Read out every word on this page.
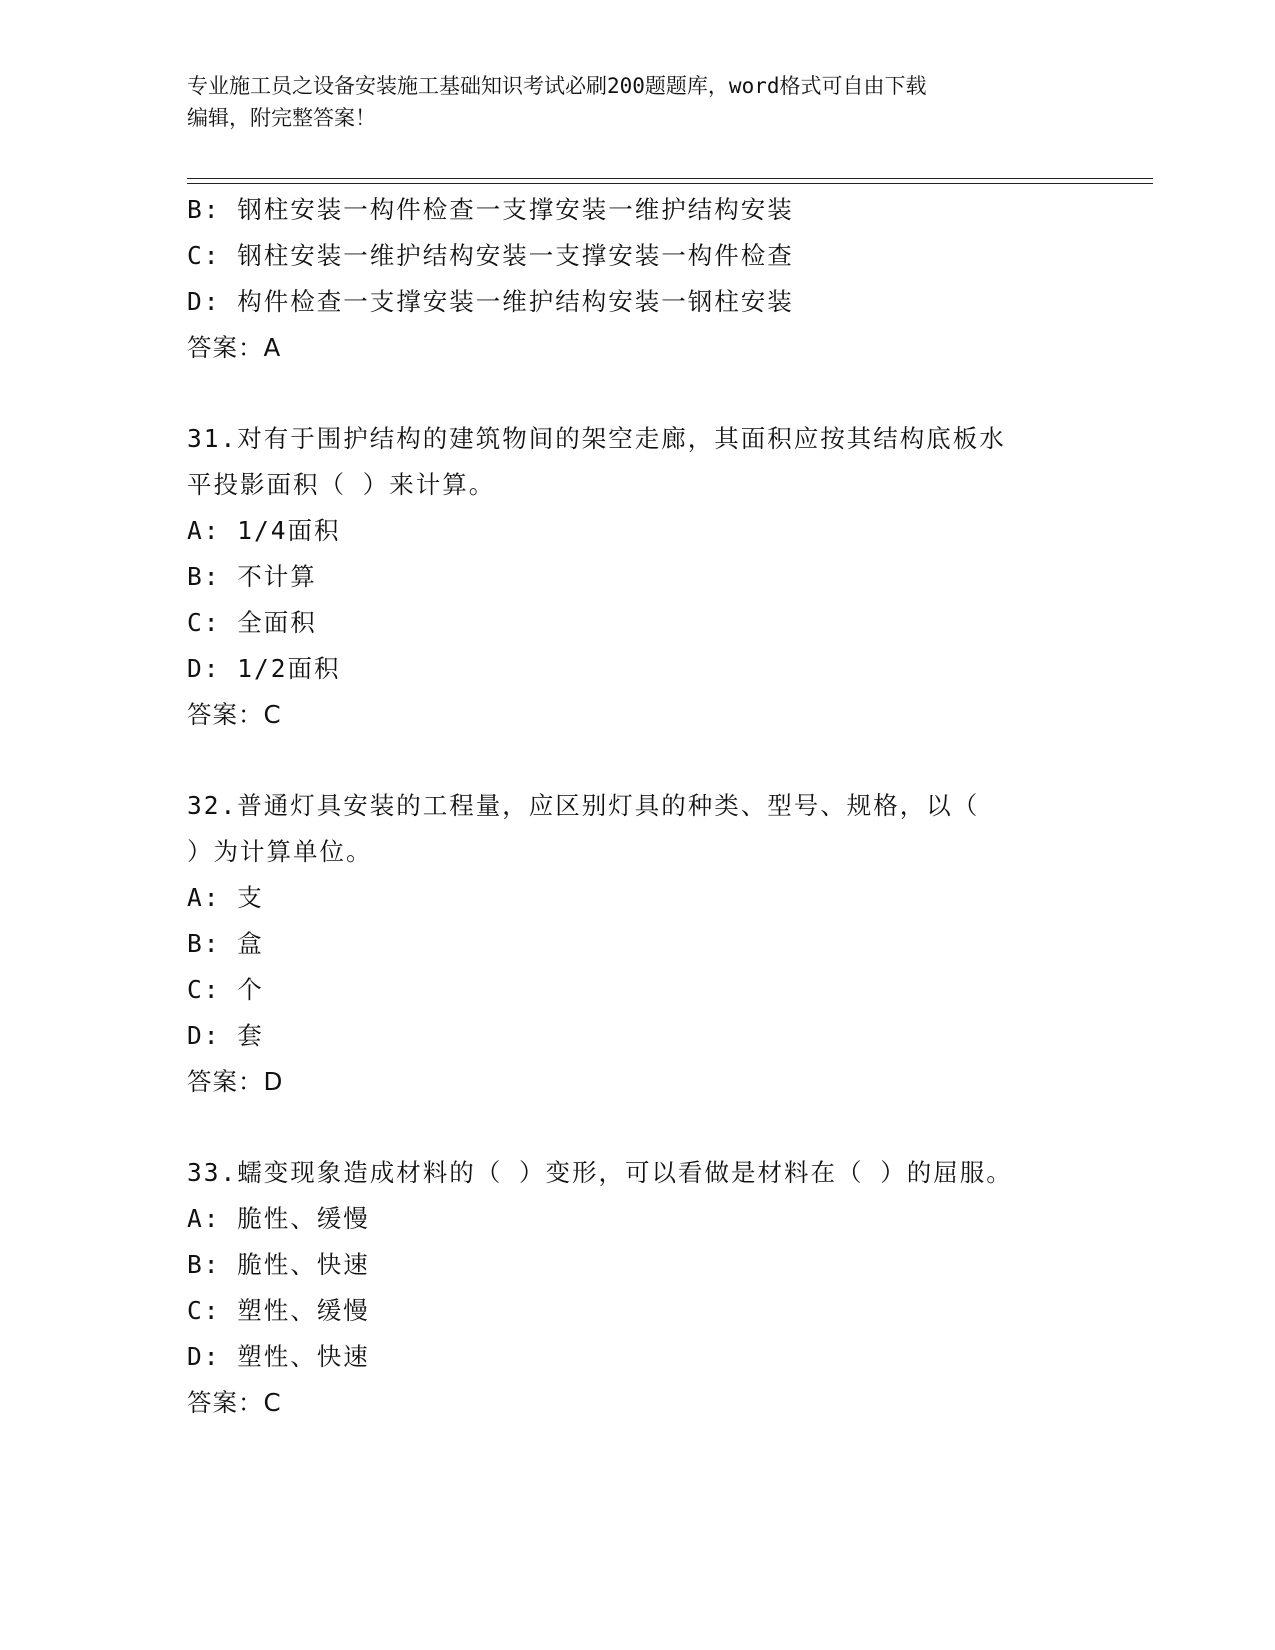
专业施工员之设备安装施工基础知识考试必刷200题题库，word格式可自由下载
编辑，附完整答案！
B: 钢柱安装一构件检查一支撑安装一维护结构安装
C: 钢柱安装一维护结构安装一支撑安装一构件检查
D: 构件检查一支撑安装一维护结构安装一钢柱安装
答案：A
31.对有于围护结构的建筑物间的架空走廊，其面积应按其结构底板水
平投影面积（ ）来计算。
A: 1/4面积
B: 不计算
C: 全面积
D: 1/2面积
答案：C
32.普通灯具安装的工程量，应区别灯具的种类、型号、规格，以（
）为计算单位。
A: 支
B: 盒
C: 个
D: 套
答案：D
33.蠕变现象造成材料的（ ）变形，可以看做是材料在（ ）的屈服。
A: 脆性、缓慢
B: 脆性、快速
C: 塑性、缓慢
D: 塑性、快速
答案：C
